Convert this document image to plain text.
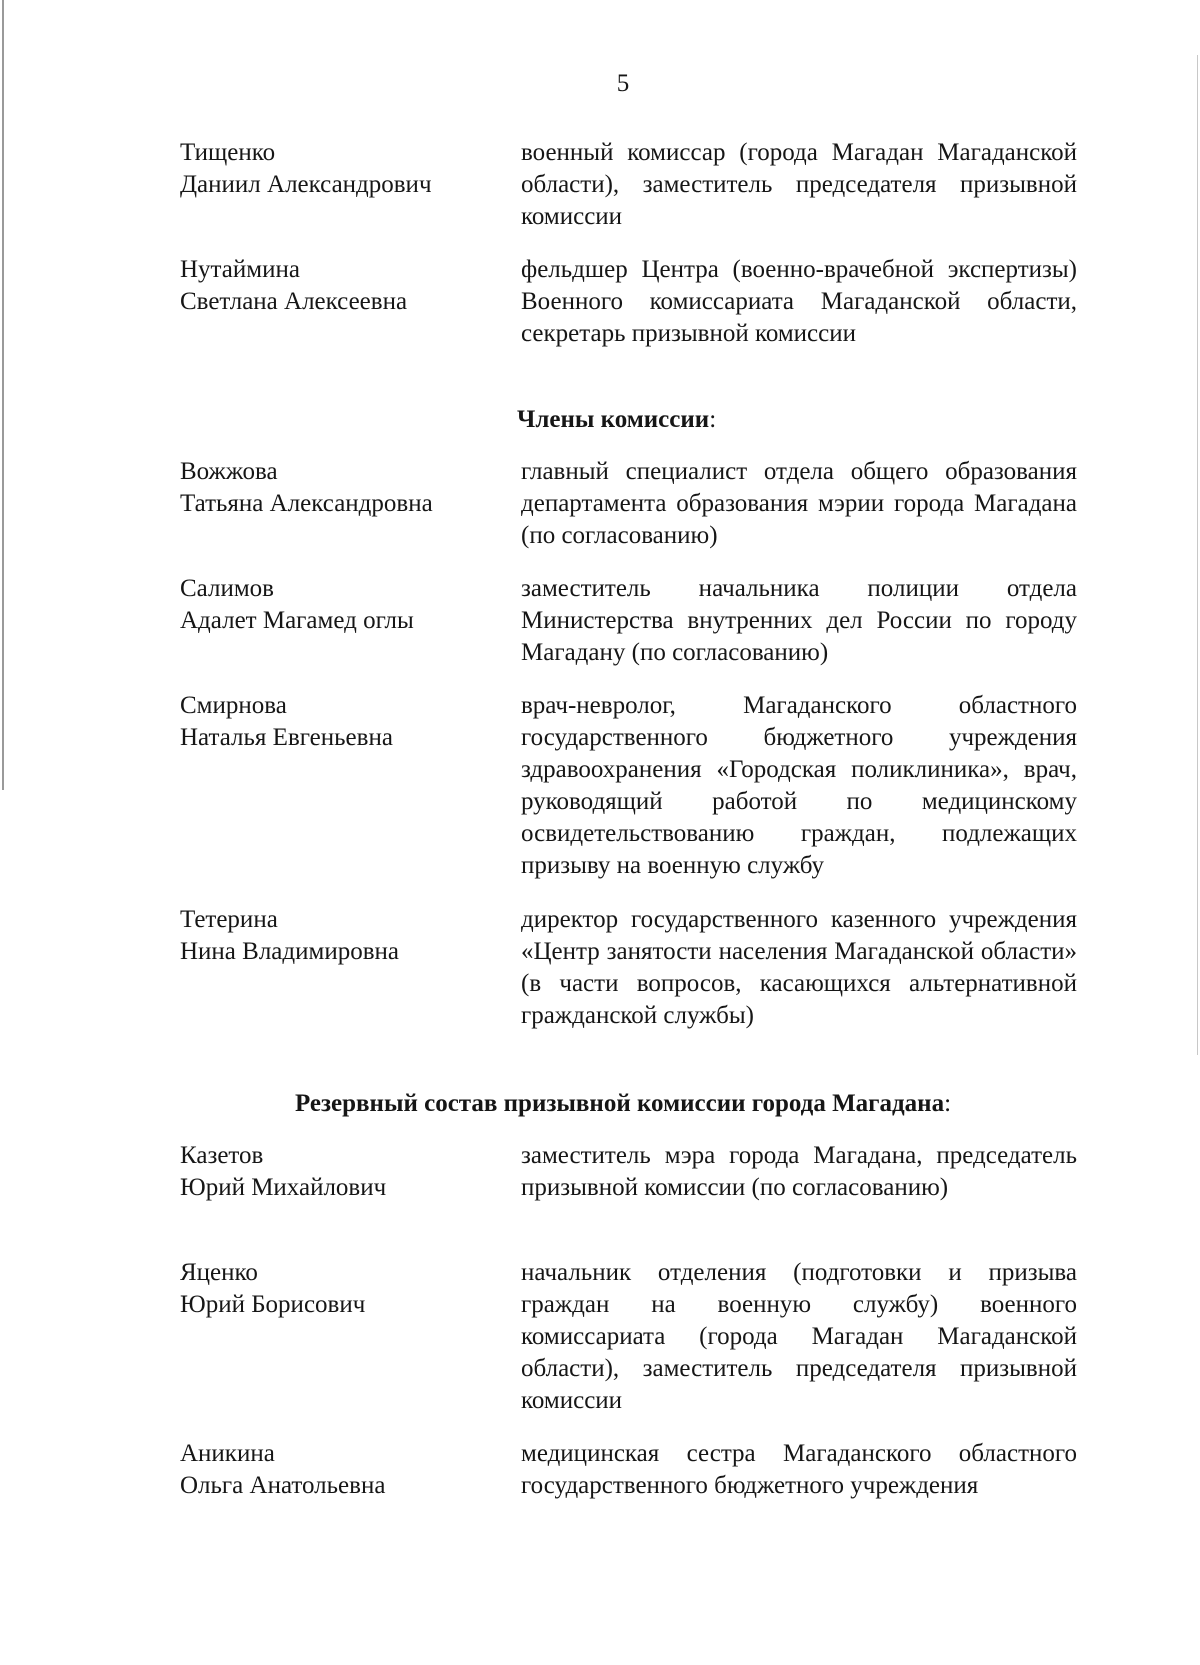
5
Тищенко
Даниил Александрович
военный комиссар (города Магадан Магаданской области), заместитель председателя призывной комиссии
Нутаймина
Светлана Алексеевна
фельдшер Центра (военно-врачебной экспертизы) Военного комиссариата Магаданской области, секретарь призывной комиссии
Члены комиссии:
Вожжова
Татьяна Александровна
главный специалист отдела общего образования департамента образования мэрии города Магадана (по согласованию)
Салимов
Адалет Магамед оглы
заместитель начальника полиции отдела Министерства внутренних дел России по городу Магадану (по согласованию)
Смирнова
Наталья Евгеньевна
врач-невролог, Магаданского областного государственного бюджетного учреждения здравоохранения «Городская поликлиника», врач, руководящий работой по медицинскому освидетельствованию граждан, подлежащих призыву на военную службу
Тетерина
Нина Владимировна
директор государственного казенного учреждения «Центр занятости населения Магаданской области» (в части вопросов, касающихся альтернативной гражданской службы)
Резервный состав призывной комиссии города Магадана:
Казетов
Юрий Михайлович
заместитель мэра города Магадана, председатель призывной комиссии (по согласованию)
Яценко
Юрий Борисович
начальник отделения (подготовки и призыва граждан на военную службу) военного комиссариата (города Магадан Магаданской области), заместитель председателя призывной комиссии
Аникина
Ольга Анатольевна
медицинская сестра Магаданского областного государственного бюджетного учреждения
